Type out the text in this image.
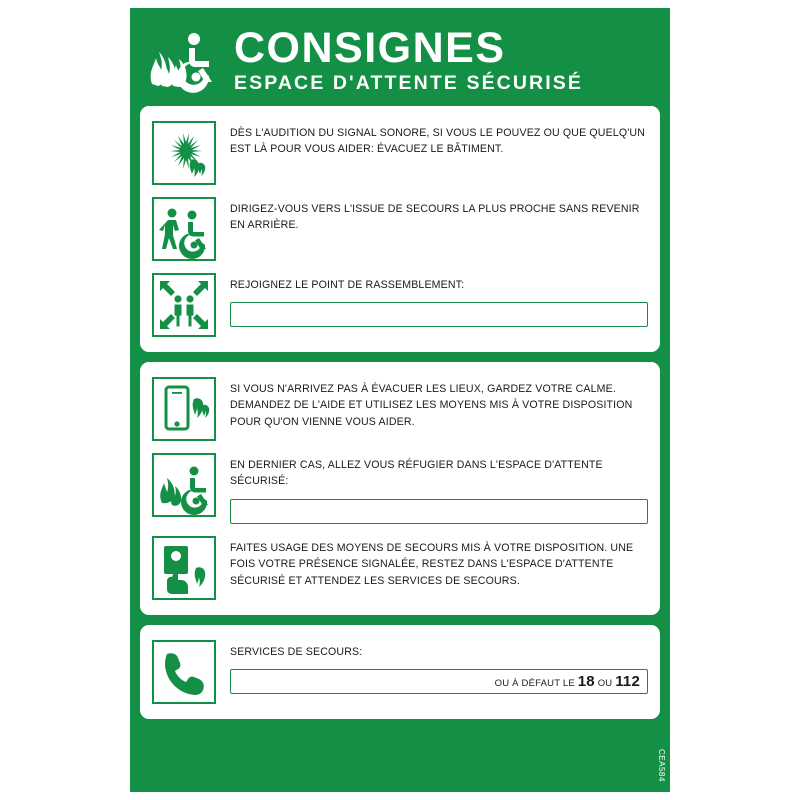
CONSIGNES
ESPACE D'ATTENTE SÉCURISÉ

DÈS L'AUDITION DU SIGNAL SONORE, SI VOUS LE POUVEZ OU QUE QUELQ'UN EST LÀ POUR VOUS AIDER: ÉVACUEZ LE BÂTIMENT.

DIRIGEZ-VOUS VERS L'ISSUE DE SECOURS LA PLUS PROCHE SANS REVENIR EN ARRIÈRE.

REJOIGNEZ LE POINT DE RASSEMBLEMENT:

SI VOUS N'ARRIVEZ PAS À ÉVACUER LES LIEUX, GARDEZ VOTRE CALME. DEMANDEZ DE L'AIDE ET UTILISEZ LES MOYENS MIS À VOTRE DISPOSITION POUR QU'ON VIENNE VOUS AIDER.

EN DERNIER CAS, ALLEZ VOUS RÉFUGIER DANS L'ESPACE D'ATTENTE SÉCURISÉ:

FAITES USAGE DES MOYENS DE SECOURS MIS À VOTRE DISPOSITION. UNE FOIS VOTRE PRÉSENCE SIGNALÉE, RESTEZ DANS L'ESPACE D'ATTENTE SÉCURISÉ ET ATTENDEZ LES SERVICES DE SECOURS.

SERVICES DE SECOURS:

OU À DÉFAUT LE 18 OU 112
CEA584
